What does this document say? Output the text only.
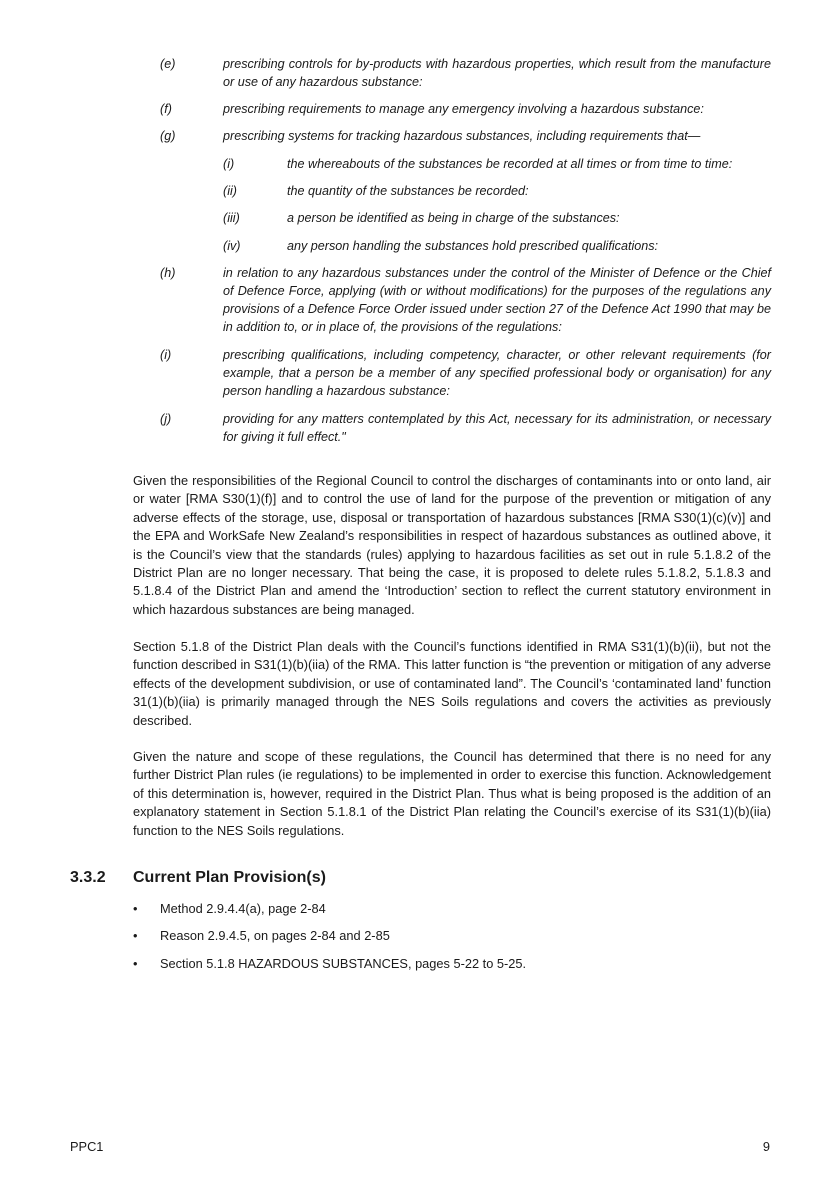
(e)	prescribing controls for by-products with hazardous properties, which result from the manufacture or use of any hazardous substance:
(f)	prescribing requirements to manage any emergency involving a hazardous substance:
(g)	prescribing systems for tracking hazardous substances, including requirements that—
(i)	the whereabouts of the substances be recorded at all times or from time to time:
(ii)	the quantity of the substances be recorded:
(iii)	a person be identified as being in charge of the substances:
(iv)	any person handling the substances hold prescribed qualifications:
(h)	in relation to any hazardous substances under the control of the Minister of Defence or the Chief of Defence Force, applying (with or without modifications) for the purposes of the regulations any provisions of a Defence Force Order issued under section 27 of the Defence Act 1990 that may be in addition to, or in place of, the provisions of the regulations:
(i)	prescribing qualifications, including competency, character, or other relevant requirements (for example, that a person be a member of any specified professional body or organisation) for any person handling a hazardous substance:
(j)	providing for any matters contemplated by this Act, necessary for its administration, or necessary for giving it full effect."

Given the responsibilities of the Regional Council to control the discharges of contaminants into or onto land, air or water [RMA S30(1)(f)] and to control the use of land for the purpose of the prevention or mitigation of any adverse effects of the storage, use, disposal or transportation of hazardous substances [RMA S30(1)(c)(v)] and the EPA and WorkSafe New Zealand’s responsibilities in respect of hazardous substances as outlined above, it is the Council’s view that the standards (rules) applying to hazardous facilities as set out in rule 5.1.8.2 of the District Plan are no longer necessary. That being the case, it is proposed to delete rules 5.1.8.2, 5.1.8.3 and 5.1.8.4 of the District Plan and amend the ‘Introduction’ section to reflect the current statutory environment in which hazardous substances are being managed.

Section 5.1.8 of the District Plan deals with the Council’s functions identified in RMA S31(1)(b)(ii), but not the function described in S31(1)(b)(iia) of the RMA. This latter function is “the prevention or mitigation of any adverse effects of the development subdivision, or use of contaminated land”. The Council’s ‘contaminated land’ function 31(1)(b)(iia) is primarily managed through the NES Soils regulations and covers the activities as previously described.

Given the nature and scope of these regulations, the Council has determined that there is no need for any further District Plan rules (ie regulations) to be implemented in order to exercise this function. Acknowledgement of this determination is, however, required in the District Plan. Thus what is being proposed is the addition of an explanatory statement in Section 5.1.8.1 of the District Plan relating the Council’s exercise of its S31(1)(b)(iia) function to the NES Soils regulations.

3.3.2 Current Plan Provision(s)
•	Method 2.9.4.4(a), page 2-84
•	Reason 2.9.4.5, on pages 2-84 and 2-85
•	Section 5.1.8 HAZARDOUS SUBSTANCES, pages 5-22 to 5-25.
PPC1	9
